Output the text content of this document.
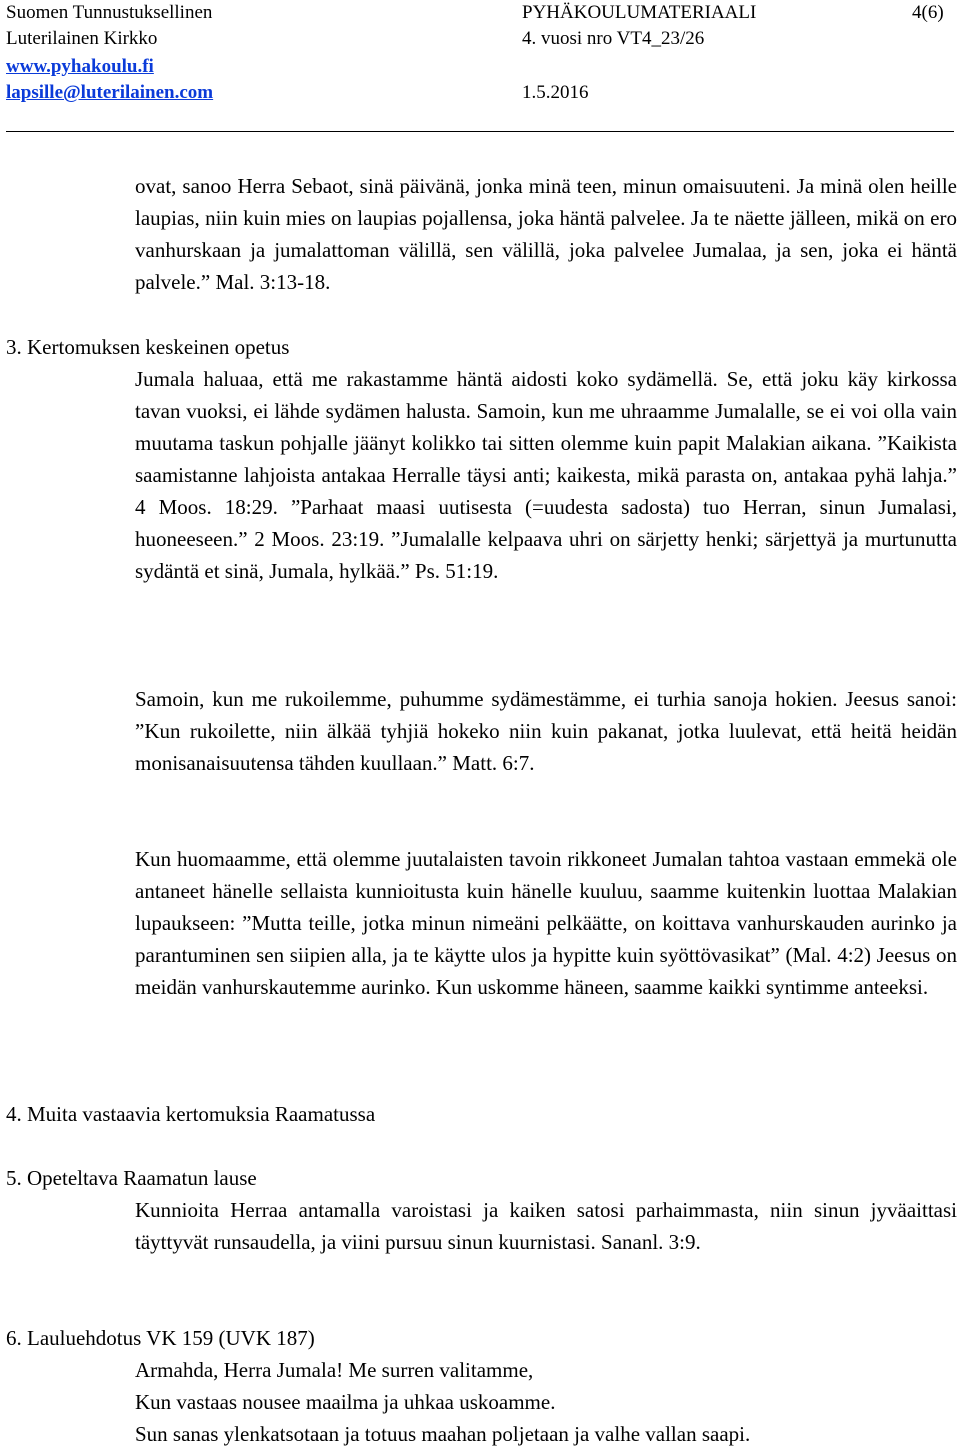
Suomen Tunnustuksellinen	PYHÄKOULUMATERIAALI	4(6)
Luterilainen Kirkko	4. vuosi nro VT4_23/26
www.pyhakoulu.fi
lapsille@luterilainen.com	1.5.2016
ovat, sanoo Herra Sebaot, sinä päivänä, jonka minä teen, minun omaisuuteni. Ja minä olen heille laupias, niin kuin mies on laupias pojallensa, joka häntä palvelee. Ja te näette jälleen, mikä on ero vanhurskaan ja jumalattoman välillä, sen välillä, joka palvelee Jumalaa, ja sen, joka ei häntä palvele.” Mal. 3:13-18.
3. Kertomuksen keskeinen opetus
Jumala haluaa, että me rakastamme häntä aidosti koko sydämellä. Se, että joku käy kirkossa tavan vuoksi, ei lähde sydämen halusta. Samoin, kun me uhraamme Jumalalle, se ei voi olla vain muutama taskun pohjalle jäänyt kolikko tai sitten olemme kuin papit Malakian aikana. ”Kaikista saamistanne lahjoista antakaa Herralle täysi anti; kaikesta, mikä parasta on, antakaa pyhä lahja.” 4 Moos. 18:29. ”Parhaat maasi uutisesta (=uudesta sadosta) tuo Herran, sinun Jumalasi, huoneeseen.” 2 Moos. 23:19. ”Jumalalle kelpaava uhri on särjetty henki; särjettyä ja murtunutta sydäntä et sinä, Jumala, hylkää.” Ps. 51:19.
Samoin, kun me rukoilemme, puhumme sydämestämme, ei turhia sanoja hokien. Jeesus sanoi: ”Kun rukoilette, niin älkää tyhjiä hokeko niin kuin pakanat, jotka luulevat, että heitä heidän monisanaisuutensa tähden kuullaan.” Matt. 6:7.
Kun huomaamme, että olemme juutalaisten tavoin rikkoneet Jumalan tahtoa vastaan emmekä ole antaneet hänelle sellaista kunnioitusta kuin hänelle kuuluu, saamme kuitenkin luottaa Malakian lupaukseen: ”Mutta teille, jotka minun nimeäni pelkäätte, on koittava vanhurskauden aurinko ja parantuminen sen siipien alla, ja te käytte ulos ja hypitte kuin syöttövasikat” (Mal. 4:2) Jeesus on meidän vanhurskautemme aurinko. Kun uskomme häneen, saamme kaikki syntimme anteeksi.
4. Muita vastaavia kertomuksia Raamatussa
5. Opeteltava Raamatun lause
Kunnioita Herraa antamalla varoistasi ja kaiken satosi parhaimmasta, niin sinun jyväaittasi täyttyvät runsaudella, ja viini pursuu sinun kuurnistasi. Sananl. 3:9.
6. Lauluehdotus VK 159 (UVK 187)
Armahda, Herra Jumala! Me surren valitamme,
Kun vastaas nousee maailma ja uhkaa uskoamme.
Sun sanas ylenkatsotaan ja totuus maahan poljetaan ja valhe vallan saapi.
